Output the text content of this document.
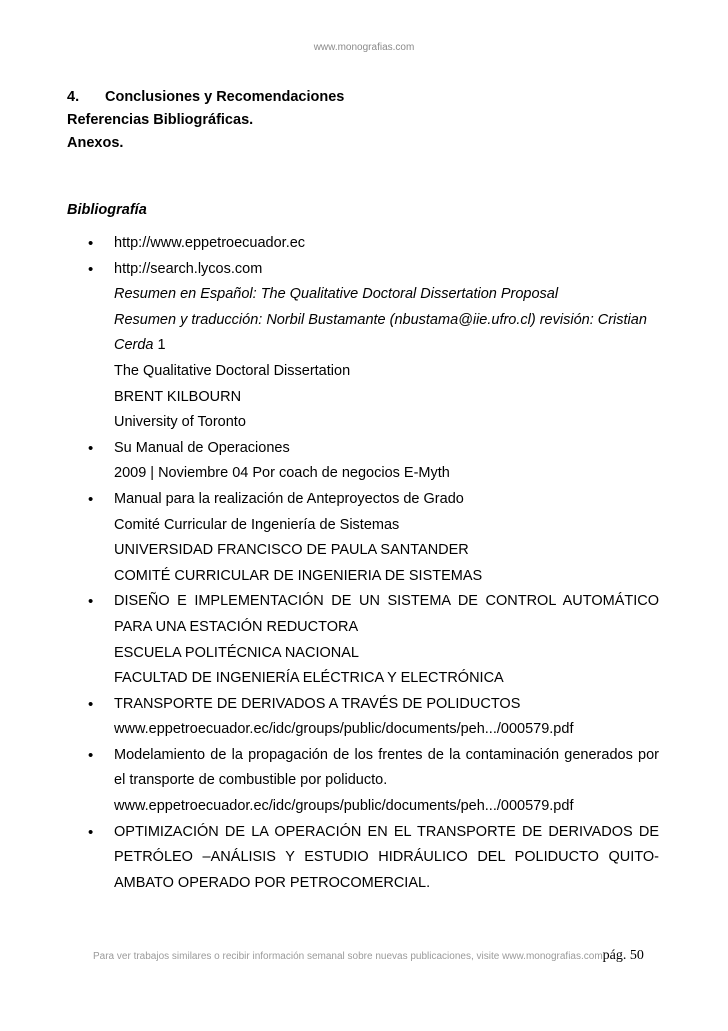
www.monografias.com
4. Conclusiones y Recomendaciones
Referencias Bibliográficas.
Anexos.
Bibliografía
• http://www.eppetroecuador.ec
• http://search.lycos.com
Resumen en Español: The Qualitative Doctoral Dissertation Proposal
Resumen y traducción: Norbil Bustamante (nbustama@iie.ufro.cl) revisión: Cristian
Cerda 1
The Qualitative Doctoral Dissertation
BRENT KILBOURN
University of Toronto
• Su Manual de Operaciones
2009 | Noviembre 04 Por coach de negocios E-Myth
• Manual para la realización de Anteproyectos de Grado
Comité Curricular de Ingeniería de Sistemas
UNIVERSIDAD FRANCISCO DE PAULA SANTANDER
COMITÉ CURRICULAR DE INGENIERIA DE SISTEMAS
• DISEÑO E IMPLEMENTACIÓN DE UN SISTEMA DE CONTROL AUTOMÁTICO
PARA UNA ESTACIÓN REDUCTORA
ESCUELA POLITÉCNICA NACIONAL
FACULTAD DE INGENIERÍA ELÉCTRICA Y ELECTRÓNICA
• TRANSPORTE DE DERIVADOS A TRAVÉS DE POLIDUCTOS
www.eppetroecuador.ec/idc/groups/public/documents/peh.../000579.pdf
• Modelamiento de la propagación de los frentes de la contaminación generados por
el transporte de combustible por poliducto.
www.eppetroecuador.ec/idc/groups/public/documents/peh.../000579.pdf
• OPTIMIZACIÓN DE LA OPERACIÓN EN EL TRANSPORTE DE DERIVADOS DE
PETRÓLEO –ANÁLISIS Y ESTUDIO HIDRÁULICO DEL POLIDUCTO QUITO-
AMBATO OPERADO POR PETROCOMERCIAL.
Para ver trabajos similares o recibir información semanal sobre nuevas publicaciones, visite www.monografias.compág. 50
